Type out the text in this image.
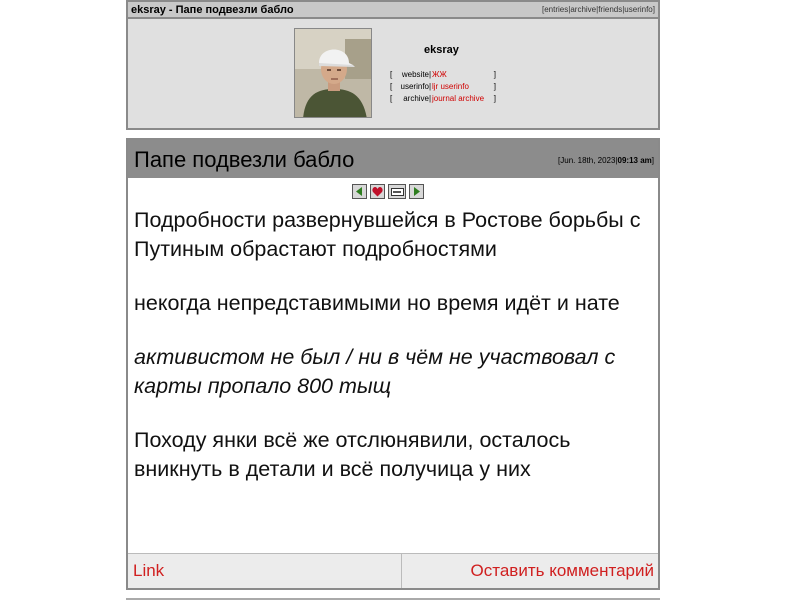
eksray - Папе подвезли бабло	[entries|archive|friends|userinfo]
eksray
[	website | ЖЖ	]
[	userinfo | ljr userinfo	]
[	archive | journal archive	]
Папе подвезли бабло	[Jun. 18th, 2023|09:13 am]

Подробности развернувшейся в Ростове борьбы с Путиным обрастают подробностями

некогда непредставимыми но время идёт и нате

активистом не был / ни в чём не участвовал с карты пропало 800 тыщ

Походу янки всё же отслюнявили, осталось вникнуть в детали и всё получица у них

Link	Оставить комментарий
